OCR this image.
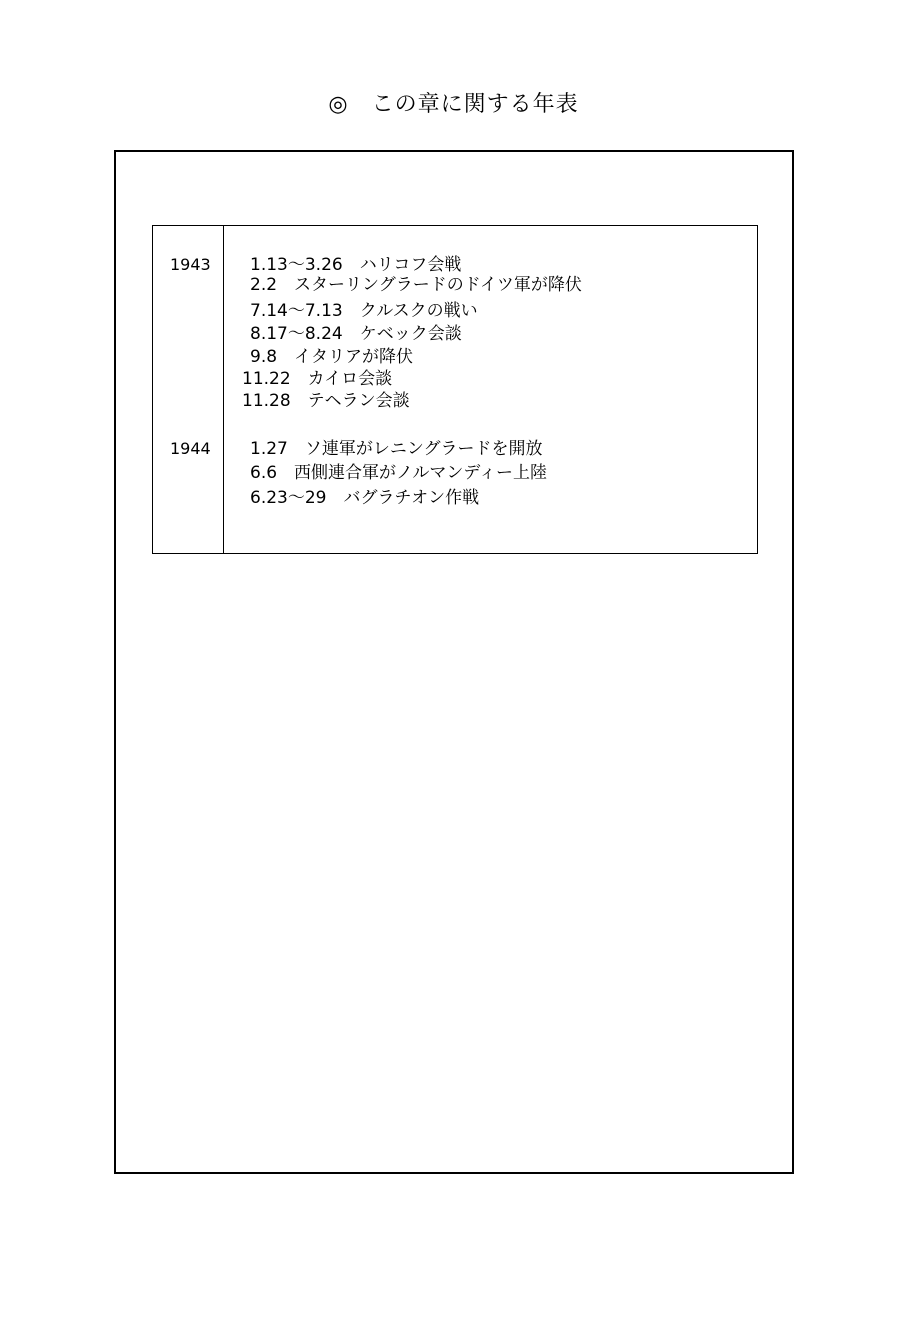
◎　この章に関する年表
1943 1.13〜3.26　ハリコフ会戦
2.2　スターリングラードのドイツ軍が降伏
7.14〜7.13　クルスクの戦い
8.17〜8.24　ケベック会談
9.8　イタリアが降伏
11.22　カイロ会談
11.28　テヘラン会談
1944 1.27　ソ連軍がレニングラードを開放
6.6　西側連合軍がノルマンディー上陸
6.23〜29　バグラチオン作戦
